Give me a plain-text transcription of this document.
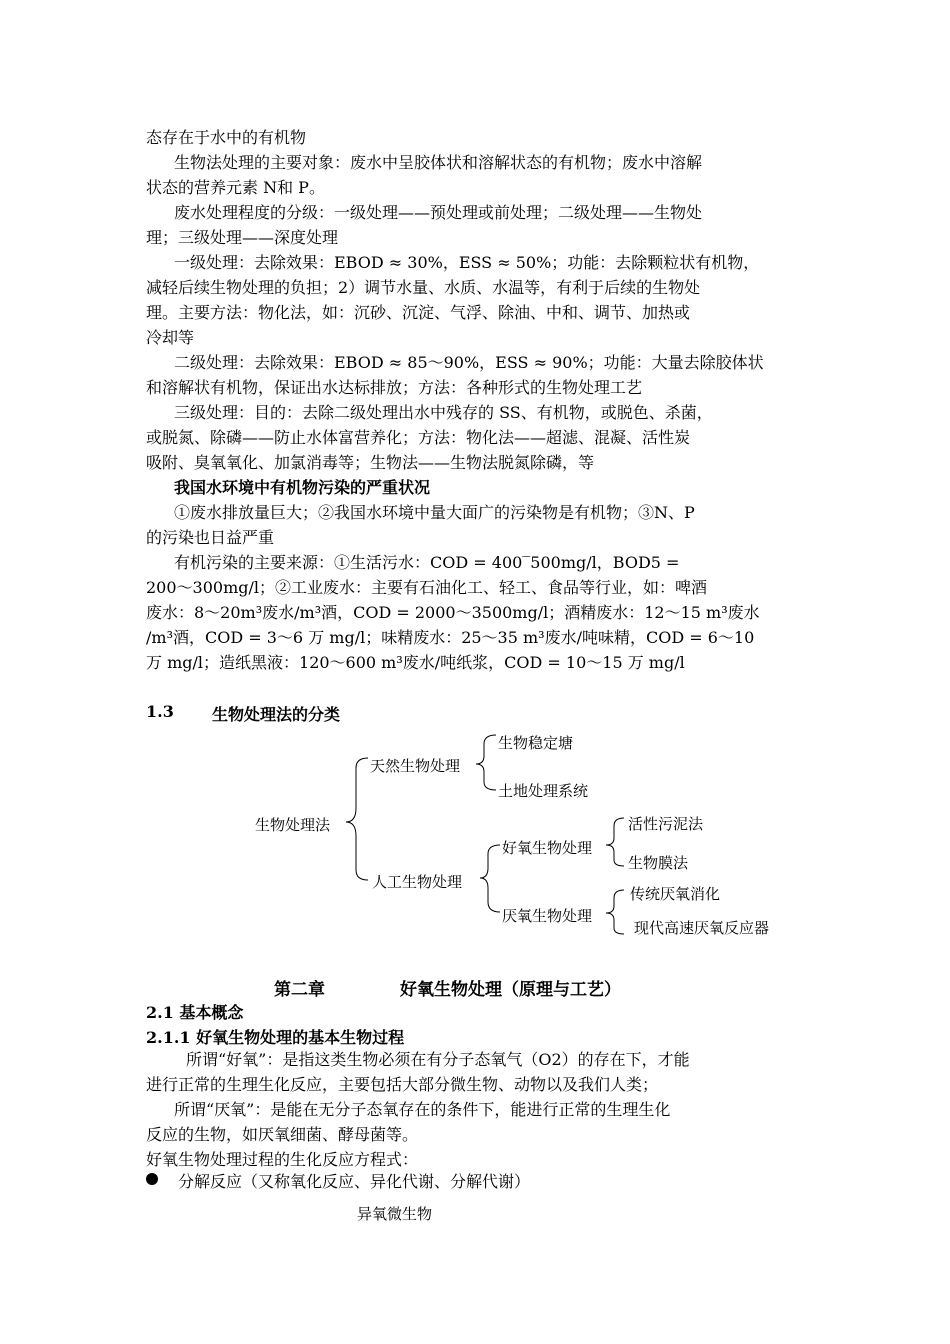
态存在于水中的有机物
生物法处理的主要对象：废水中呈胶体状和溶解状态的有机物；废水中溶解
状态的营养元素 N和 P。
废水处理程度的分级：一级处理——预处理或前处理；二级处理——生物处
理；三级处理——深度处理
一级处理：去除效果：EBOD ≈ 30%，ESS ≈ 50%；功能：去除颗粒状有机物，
减轻后续生物处理的负担；2）调节水量、水质、水温等，有利于后续的生物处
理。主要方法：物化法，如：沉砂、沉淀、气浮、除油、中和、调节、加热或
冷却等
二级处理：去除效果：EBOD ≈ 85～90%，ESS ≈ 90%；功能：大量去除胶体状
和溶解状有机物，保证出水达标排放；方法：各种形式的生物处理工艺
三级处理：目的：去除二级处理出水中残存的 SS、有机物，或脱色、杀菌，
或脱氮、除磷——防止水体富营养化；方法：物化法——超滤、混凝、活性炭
吸附、臭氧氧化、加氯消毒等；生物法——生物法脱氮除磷，等
我国水环境中有机物污染的严重状况
①废水排放量巨大；②我国水环境中量大面广的污染物是有机物；③N、P
的污染也日益严重
有机污染的主要来源：①生活污水：COD = 400‾500mg/l，BOD5 =
200～300mg/l；②工业废水：主要有石油化工、轻工、食品等行业，如：啤酒
废水：8～20m³废水/m³酒，COD = 2000～3500mg/l；酒精废水：12～15 m³废水
/m³酒，COD = 3～6 万 mg/l；味精废水：25～35 m³废水/吨味精，COD = 6～10
万 mg/l；造纸黑液：120～600 m³废水/吨纸浆，COD = 10～15 万 mg/l
1.3 生物处理法的分类
生物处理法
天然生物处理
生物稳定塘
土地处理系统
人工生物处理
好氧生物处理
活性污泥法
生物膜法
厌氧生物处理
传统厌氧消化
现代高速厌氧反应器
第二章	好氧生物处理（原理与工艺）
2.1 基本概念
2.1.1 好氧生物处理的基本生物过程
所谓“好氧”：是指这类生物必须在有分子态氧气（O2）的存在下，才能
进行正常的生理生化反应，主要包括大部分微生物、动物以及我们人类；
所谓“厌氧”：是能在无分子态氧存在的条件下，能进行正常的生理生化
反应的生物，如厌氧细菌、酵母菌等。
好氧生物处理过程的生化反应方程式：
分解反应（又称氧化反应、异化代谢、分解代谢）
异氧微生物
